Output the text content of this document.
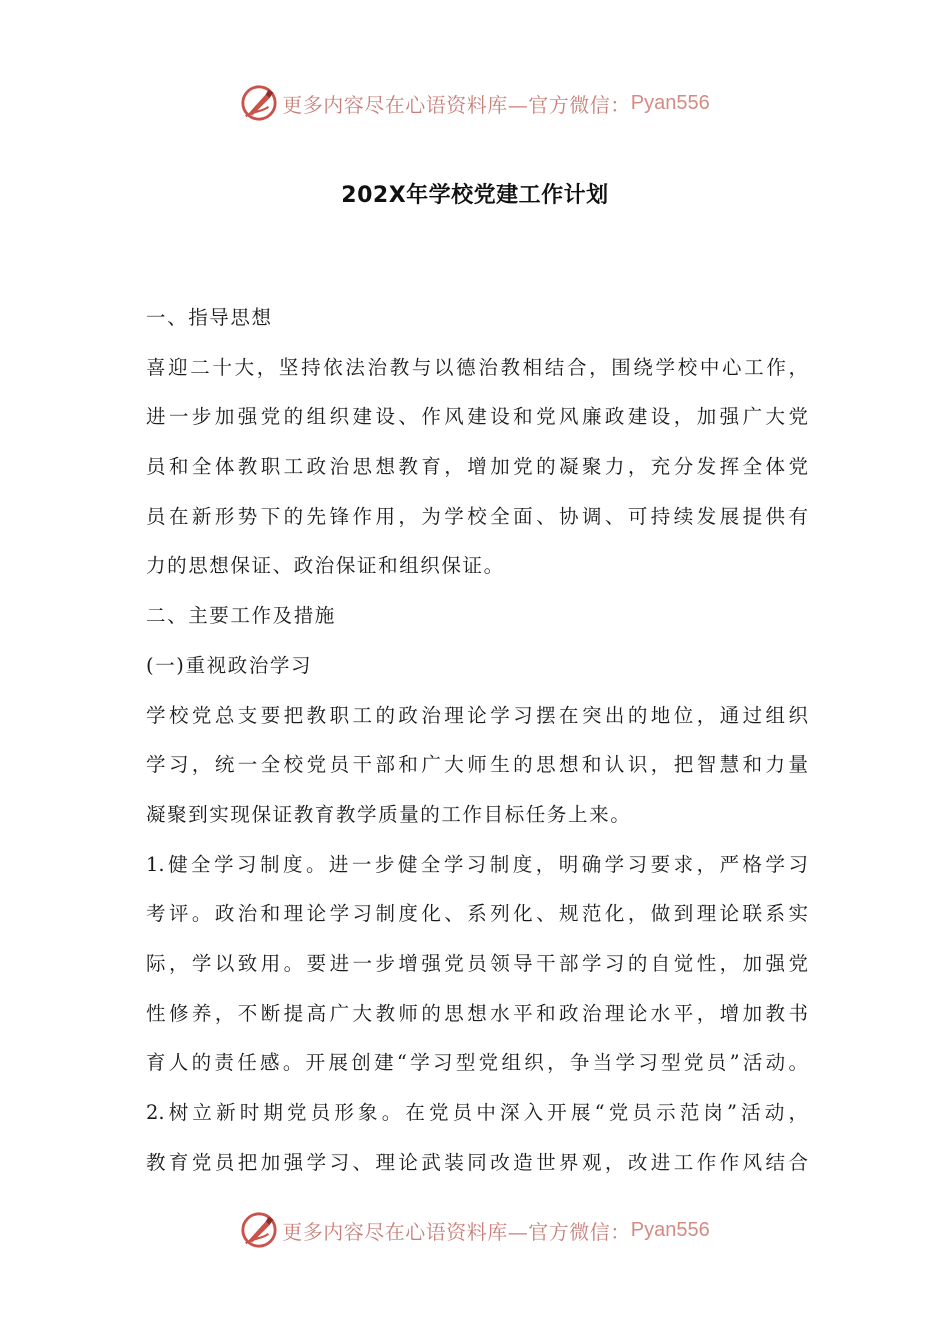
更多内容尽在心语资料库—官方微信： Pyan556
202X年学校党建工作计划
一、指导思想
喜迎二十大，坚持依法治教与以德治教相结合，围绕学校中心工作，
进一步加强党的组织建设、作风建设和党风廉政建设，加强广大党
员和全体教职工政治思想教育，增加党的凝聚力，充分发挥全体党
员在新形势下的先锋作用，为学校全面、协调、可持续发展提供有
力的思想保证、政治保证和组织保证。
二、主要工作及措施
(一)重视政治学习
学校党总支要把教职工的政治理论学习摆在突出的地位，通过组织
学习，统一全校党员干部和广大师生的思想和认识，把智慧和力量
凝聚到实现保证教育教学质量的工作目标任务上来。
1.健全学习制度。进一步健全学习制度，明确学习要求，严格学习
考评。政治和理论学习制度化、系列化、规范化，做到理论联系实
际，学以致用。要进一步增强党员领导干部学习的自觉性，加强党
性修养，不断提高广大教师的思想水平和政治理论水平，增加教书
育人的责任感。开展创建“学习型党组织，争当学习型党员”活动。
2.树立新时期党员形象。在党员中深入开展“党员示范岗”活动，
教育党员把加强学习、理论武装同改造世界观，改进工作作风结合
更多内容尽在心语资料库—官方微信： Pyan556
